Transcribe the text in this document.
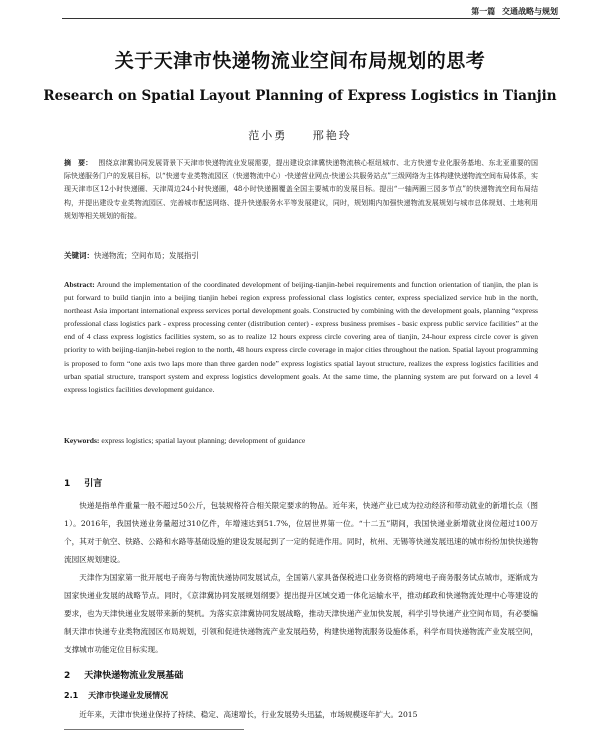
第一篇 交通战略与规划
关于天津市快递物流业空间布局规划的思考
Research on Spatial Layout Planning of Express Logistics in Tianjin
范小勇 邢艳玲
摘　要： 围绕京津冀协同发展背景下天津市快递物流业发展需要，提出建设京津冀快递物流核心枢纽城市、北方快递专业化服务基地、东北亚重要的国际快递服务门户的发展目标，以“快递专业类物流园区（快递物流中心）-快递营业网点-快递公共服务站点”三级网络为主体构建快递物流空间布局体系，实现天津市区12小时快递圈、天津周边24小时快递圈，48小时快递圈覆盖全国主要城市的发展目标。提出“一轴两圈三园多节点”的快递物流空间布局结构，并提出建设专业类物流园区、完善城市配送网络、提升快递服务水平等发展建议，同时，规划期内加强快递物流发展规划与城市总体规划、土地利用规划等相关规划的衔接。
关键词：快递物流；空间布局；发展指引
Abstract: Around the implementation of the coordinated development of beijing-tianjin-hebei requirements and function orientation of tianjin, the plan is put forward to build tianjin into a beijing tianjin hebei region express professional class logistics center, express specialized service hub in the north, northeast Asia important international express services portal development goals. Constructed by combining with the development goals, planning “express professional class logistics park - express processing center (distribution center) - express business premises - basic express public service facilities” at the end of 4 class express logistics facilities system, so as to realize 12 hours express circle covering area of tianjin, 24-hour express circle cover is given priority to with beijing-tianjin-hebei region to the north, 48 hours express circle coverage in major cities throughout the nation. Spatial layout programming is proposed to form “one axis two laps more than three garden node” express logistics spatial layout structure, realizes the express logistics facilities and urban spatial structure, transport system and express logistics development goals. At the same time, the planning system are put forward on a level 4 express logistics facilities development guidance.
Keywords: express logistics; spatial layout planning; development of guidance
1 引言
快递是指单件重量一般不超过50公斤，包装规格符合相关限定要求的物品。近年来，快递产业已成为拉动经济和带动就业的新增长点（图1）。2016年，我国快递业务量超过310亿件，年增速达到51.7%，位居世界第一位。“十二五”期间，我国快递业新增就业岗位超过100万个，其对于航空、铁路、公路和水路等基础设施的建设发展起到了一定的促进作用。同时，杭州、无锡等快递发展迅速的城市纷纷加快快递物流园区规划建设。
天津作为国家第一批开展电子商务与物流快递协同发展试点，全国第八家具备保税进口业务资格的跨境电子商务服务试点城市，逐渐成为国家快递业发展的战略节点。同时，《京津冀协同发展规划纲要》提出提升区域交通一体化运输水平，推动邮政和快递物流处理中心等建设的要求，也为天津快递业发展带来新的契机。为落实京津冀协同发展战略，推动天津快递产业加快发展，科学引导快递产业空间布局，有必要编制天津市快递专业类物流园区布局规划，引领和促进快递物流产业发展趋势，构建快递物流服务设施体系，科学布局快递物流产业发展空间，支撑城市功能定位目标实现。
2 天津快递物流业发展基础
2.1 天津市快递业发展情况
近年来，天津市快递业保持了持续、稳定、高速增长，行业发展势头迅猛，市场规模逐年扩大。2015
